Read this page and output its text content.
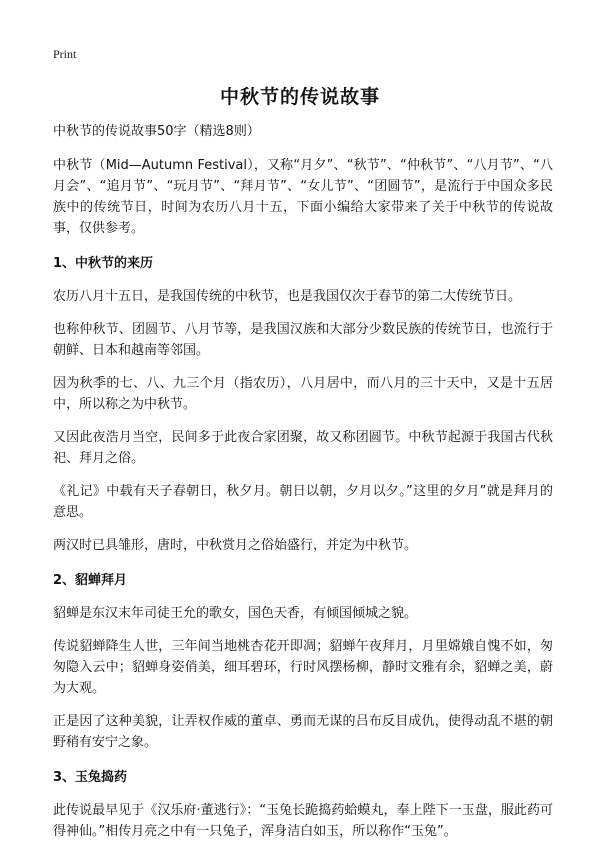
Print
中秋节的传说故事

中秋节的传说故事50字（精选8则）

中秋节（Mid—Autumn Festival），又称“月夕”、“秋节”、“仲秋节”、“八月节”、“八月会”、“追月节”、“玩月节”、“拜月节”、“女儿节”、“团圆节”，是流行于中国众多民族中的传统节日，时间为农历八月十五，下面小编给大家带来了关于中秋节的传说故事，仅供参考。

1、中秋节的来历

农历八月十五日，是我国传统的中秋节，也是我国仅次于春节的第二大传统节日。

也称仲秋节、团圆节、八月节等，是我国汉族和大部分少数民族的传统节日，也流行于朝鲜、日本和越南等邻国。

因为秋季的七、八、九三个月（指农历），八月居中，而八月的三十天中，又是十五居中，所以称之为中秋节。

又因此夜浩月当空，民间多于此夜合家团聚，故又称团圆节。中秋节起源于我国古代秋祀、拜月之俗。

《礼记》中载有天子春朝日，秋夕月。朝日以朝，夕月以夕。”这里的夕月”就是拜月的意思。

两汉时已具雏形，唐时，中秋赏月之俗始盛行，并定为中秋节。

2、貂蝉拜月

貂蝉是东汉末年司徒王允的歌女，国色天香，有倾国倾城之貌。

传说貂蝉降生人世，三年间当地桃杏花开即凋；貂蝉午夜拜月，月里嫦娥自愧不如，匆匆隐入云中；貂蝉身姿俏美，细耳碧环，行时风摆杨柳，静时文雅有余，貂蝉之美，蔚为大观。

正是因了这种美貌，让弄权作威的董卓、勇而无谋的吕布反目成仇，使得动乱不堪的朝野稍有安宁之象。

3、玉兔捣药

此传说最早见于《汉乐府·董逃行》：“玉兔长跪捣药蛤蟆丸，奉上陛下一玉盘，服此药可得神仙。”相传月亮之中有一只兔子，浑身洁白如玉，所以称作“玉兔”。
